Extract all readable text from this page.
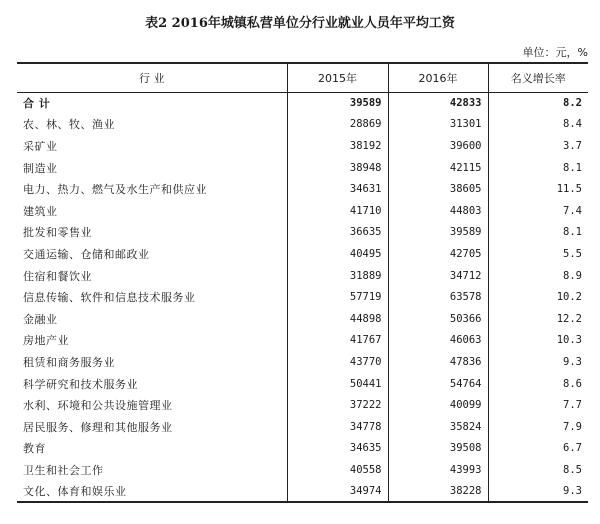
表2 2016年城镇私营单位分行业就业人员年平均工资
单位：元，%
行 业	2015年	2016年	名义增长率
合 计	39589	42833	8.2
农、林、牧、渔业	28869	31301	8.4
采矿业	38192	39600	3.7
制造业	38948	42115	8.1
电力、热力、燃气及水生产和供应业	34631	38605	11.5
建筑业	41710	44803	7.4
批发和零售业	36635	39589	8.1
交通运输、仓储和邮政业	40495	42705	5.5
住宿和餐饮业	31889	34712	8.9
信息传输、软件和信息技术服务业	57719	63578	10.2
金融业	44898	50366	12.2
房地产业	41767	46063	10.3
租赁和商务服务业	43770	47836	9.3
科学研究和技术服务业	50441	54764	8.6
水利、环境和公共设施管理业	37222	40099	7.7
居民服务、修理和其他服务业	34778	35824	7.9
教育	34635	39508	6.7
卫生和社会工作	40558	43993	8.5
文化、体育和娱乐业	34974	38228	9.3
